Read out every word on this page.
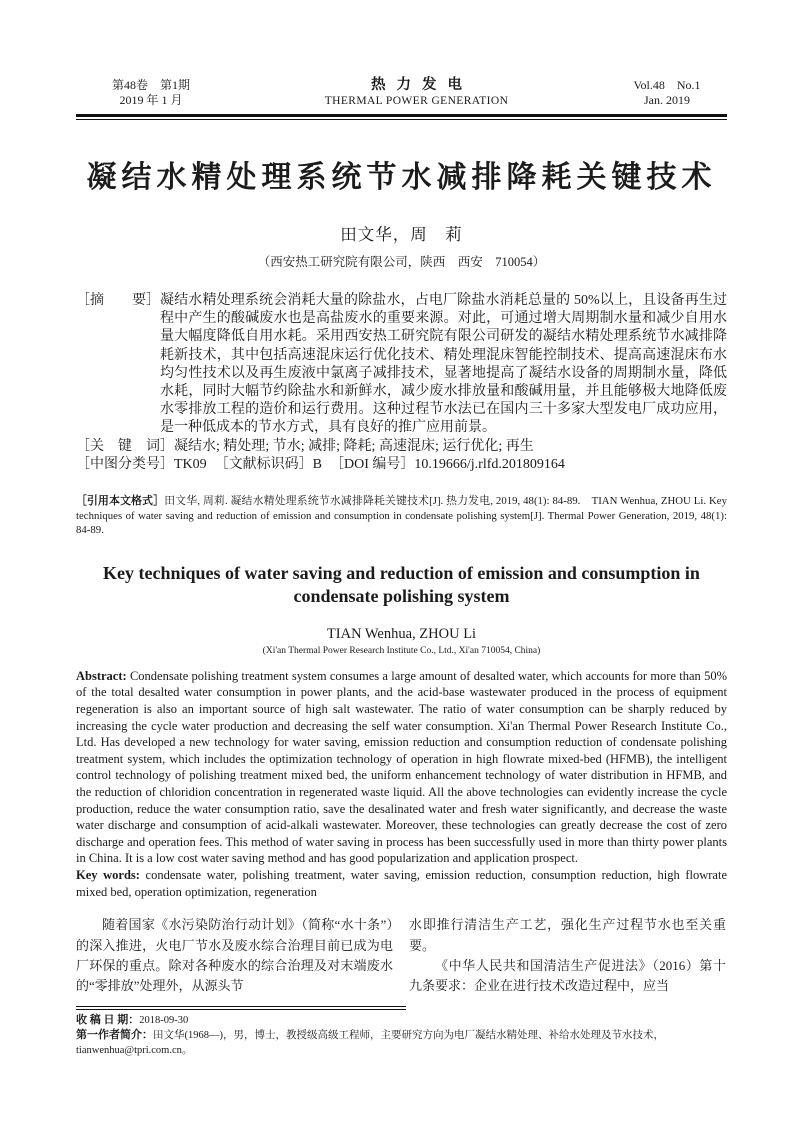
第48卷　第1期
2019 年 1 月
热力发电
THERMAL POWER GENERATION
Vol.48　No.1
Jan. 2019
凝结水精处理系统节水减排降耗关键技术
田文华，周　莉
（西安热工研究院有限公司，陕西　西安　710054）
［摘　　要］ 凝结水精处理系统会消耗大量的除盐水，占电厂除盐水消耗总量的 50%以上，且设备再生过程中产生的酸碱废水也是高盐废水的重要来源。对此，可通过增大周期制水量和减少自用水量大幅度降低自用水耗。采用西安热工研究院有限公司研发的凝结水精处理系统节水减排降耗新技术，其中包括高速混床运行优化技术、精处理混床智能控制技术、提高高速混床布水均匀性技术以及再生废液中氯离子减排技术，显著地提高了凝结水设备的周期制水量，降低水耗，同时大幅节约除盐水和新鲜水，减少废水排放量和酸碱用量，并且能够极大地降低废水零排放工程的造价和运行费用。这种过程节水法已在国内三十多家大型发电厂成功应用，是一种低成本的节水方式，具有良好的推广应用前景。
［关　键　词］ 凝结水; 精处理; 节水; 减排; 降耗; 高速混床; 运行优化; 再生
［中图分类号］TK09 ［文献标识码］B ［DOI 编号］10.19666/j.rlfd.201809164
［引用本文格式］田文华, 周莉. 凝结水精处理系统节水减排降耗关键技术[J]. 热力发电, 2019, 48(1): 84-89.　TIAN Wenhua, ZHOU Li. Key techniques of water saving and reduction of emission and consumption in condensate polishing system[J]. Thermal Power Generation, 2019, 48(1): 84-89.
Key techniques of water saving and reduction of emission and consumption in condensate polishing system
TIAN Wenhua, ZHOU Li
(Xi'an Thermal Power Research Institute Co., Ltd., Xi'an 710054, China)
Abstract: Condensate polishing treatment system consumes a large amount of desalted water, which accounts for more than 50% of the total desalted water consumption in power plants, and the acid-base wastewater produced in the process of equipment regeneration is also an important source of high salt wastewater. The ratio of water consumption can be sharply reduced by increasing the cycle water production and decreasing the self water consumption. Xi'an Thermal Power Research Institute Co., Ltd. Has developed a new technology for water saving, emission reduction and consumption reduction of condensate polishing treatment system, which includes the optimization technology of operation in high flowrate mixed-bed (HFMB), the intelligent control technology of polishing treatment mixed bed, the uniform enhancement technology of water distribution in HFMB, and the reduction of chloridion concentration in regenerated waste liquid. All the above technologies can evidently increase the cycle production, reduce the water consumption ratio, save the desalinated water and fresh water significantly, and decrease the waste water discharge and consumption of acid-alkali wastewater. Moreover, these technologies can greatly decrease the cost of zero discharge and operation fees. This method of water saving in process has been successfully used in more than thirty power plants in China. It is a low cost water saving method and has good popularization and application prospect.
Key words: condensate water, polishing treatment, water saving, emission reduction, consumption reduction, high flowrate mixed bed, operation optimization, regeneration

随着国家《水污染防治行动计划》（简称“水十条”）的深入推进，火电厂节水及废水综合治理目前已成为电厂环保的重点。除对各种废水的综合治理及对末端废水的“零排放”处理外，从源头节

水即推行清洁生产工艺，强化生产过程节水也至关重要。

《中华人民共和国清洁生产促进法》（2016）第十九条要求：企业在进行技术改造过程中，应当

收 稿 日 期：2018-09-30
第一作者简介：田文华(1968—)，男，博士，教授级高级工程师，主要研究方向为电厂凝结水精处理、补给水处理及节水技术，tianwenhua@tpri.com.cn。
